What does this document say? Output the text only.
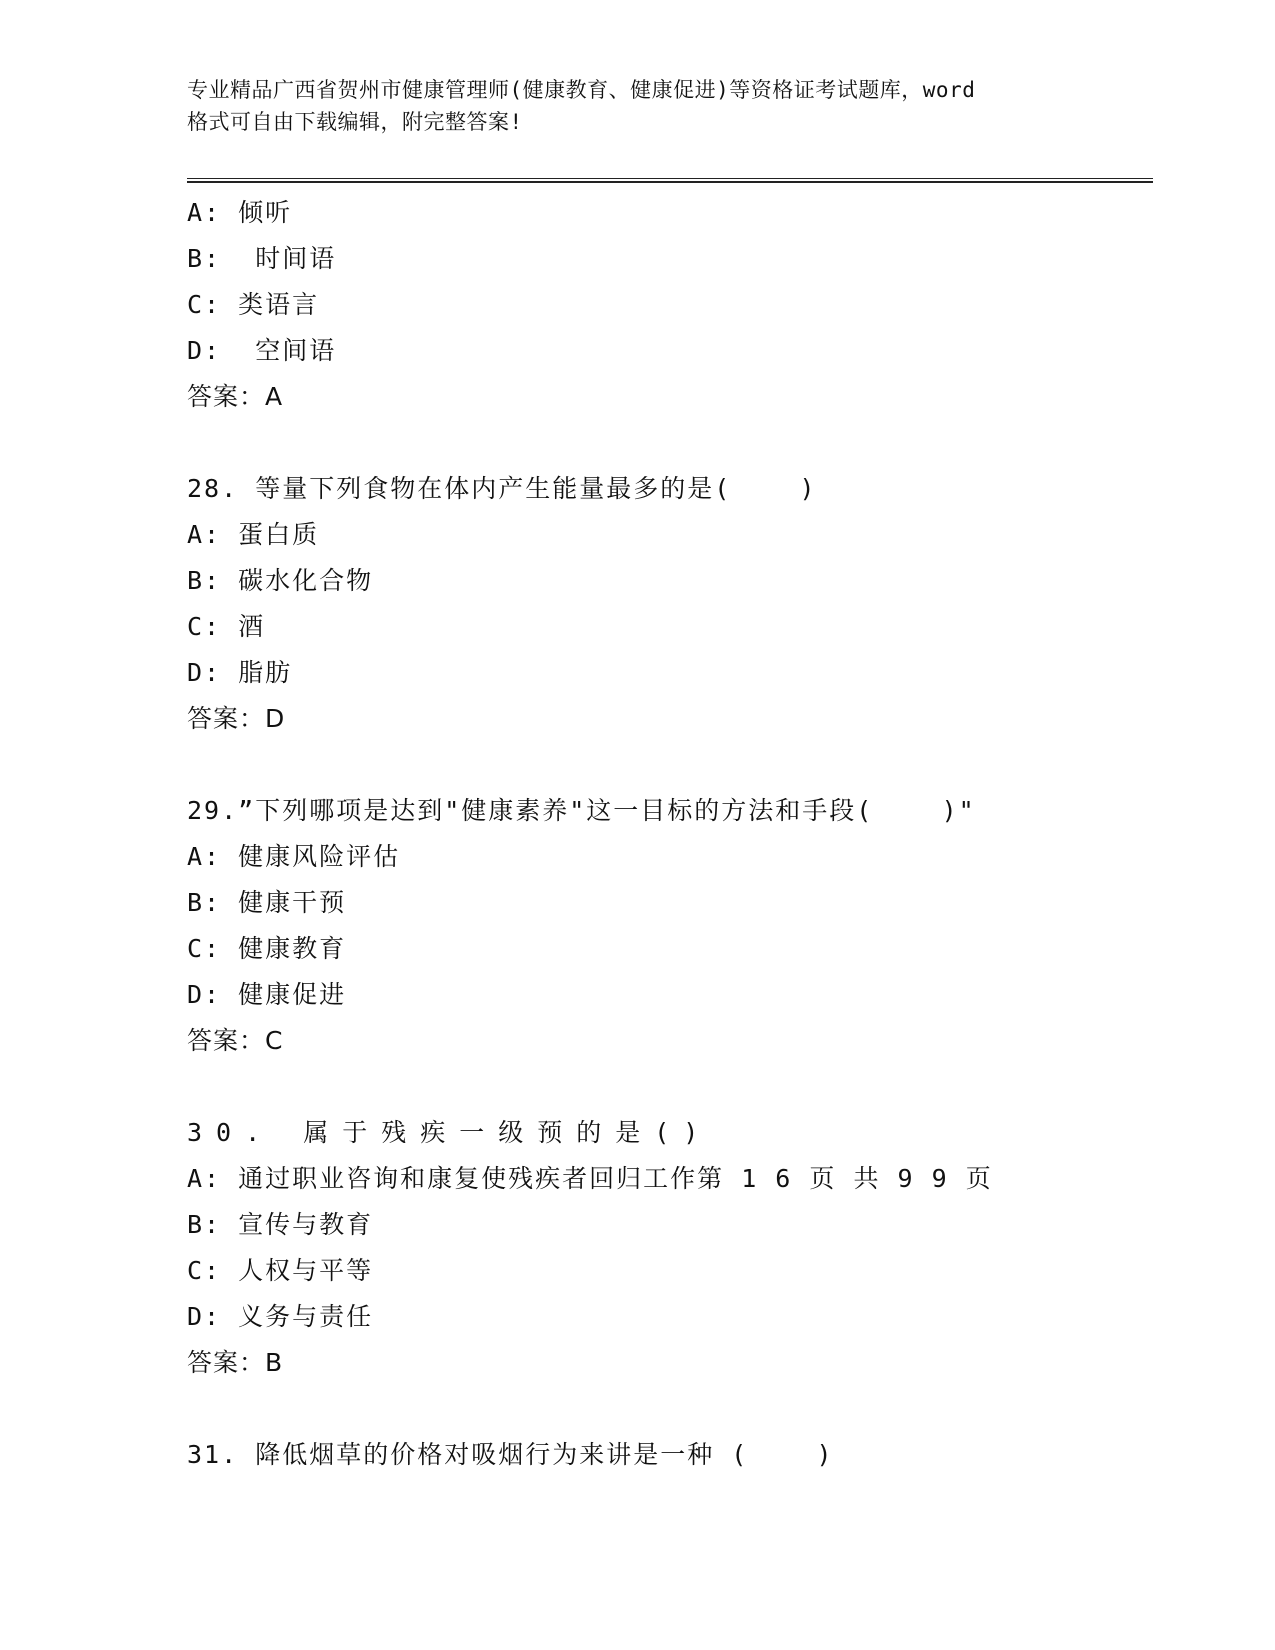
专业精品广西省贺州市健康管理师(健康教育、健康促进)等资格证考试题库，word
格式可自由下载编辑，附完整答案!
A: 倾听
B:  时间语
C: 类语言
D:  空间语
答案：A
28. 等量下列食物在体内产生能量最多的是(    )
A: 蛋白质
B: 碳水化合物
C: 酒
D: 脂肪
答案：D
29.”下列哪项是达到"健康素养"这一目标的方法和手段(    )"
A: 健康风险评估
B: 健康干预
C: 健康教育
D: 健康促进
答案：C
30. 属于残疾一级预的是()
A: 通过职业咨询和康复使残疾者回归工作第 1 6 页 共 9 9 页
B: 宣传与教育
C: 人权与平等
D: 义务与责任
答案：B
31. 降低烟草的价格对吸烟行为来讲是一种 (    )
